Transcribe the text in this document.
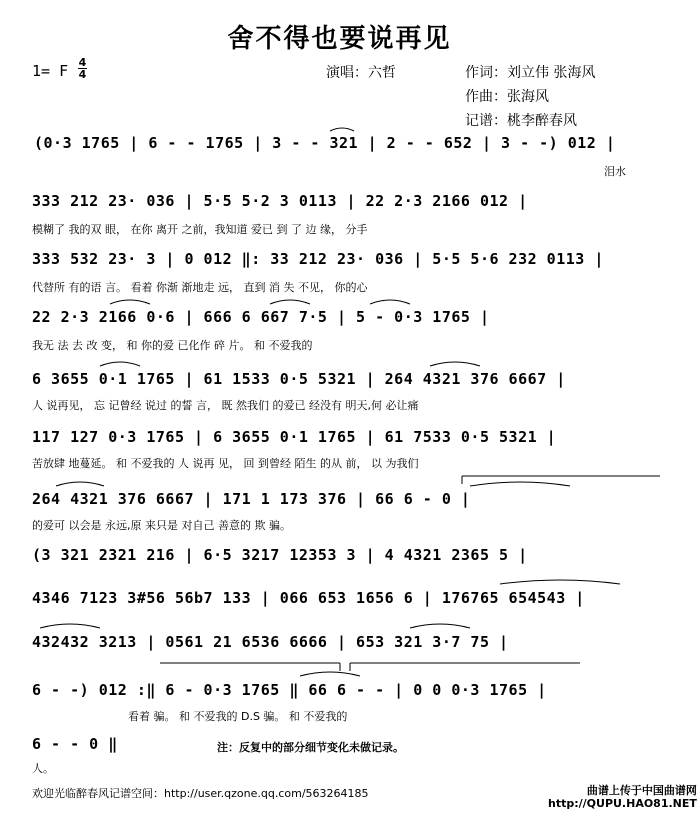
舍不得也要说再见
1= F 4
4	演唱：六哲	作词：刘立伟 张海风
作曲：张海风
记谱：桃李醉春风
(0·3 1765 | 6 - - 1765 | 3 - - 321 | 2 - - 652 | 3 - -) 012 |
泪水
333 212 23· 036 | 5·5 5·2 3 0113 | 22 2·3 2166 012 |
模糊了 我的双 眼， 在你 离开 之前，我知道 爱已 到 了 边 缘， 分手
333 532 23· 3 | 0 012 ‖: 33 212 23· 036 | 5·5 5·6 232 0113 |
代替所 有的语 言。 看着 你渐 渐地走 远， 直到 消 失 不见， 你的心
22 2·3 2166 0·6 | 666 6 667 7·5 | 5 - 0·3 1765 |
我无 法 去 改 变， 和 你的爱 已化作 碎 片。 和 不爱我的
6 3655 0·1 1765 | 61 1533 0·5 5321 | 264 4321 376 6667 |
人 说再见， 忘 记曾经 说过 的誓 言， 既 然我们 的爱已 经没有 明天,何 必让痛
117 127 0·3 1765 | 6 3655 0·1 1765 | 61 7533 0·5 5321 |
苦放肆 地蔓延。 和 不爱我的 人 说再 见， 回 到曾经 陌生 的从 前， 以 为我们
264 4321 376 6667 | 171 1 173 376 | 66 6 - 0 |
的爱可 以会是 永远,原 来只是 对自己 善意的 欺 骗。
(3 321 2321 216 | 6·5 3217 12353 3 | 4 4321 2365 5 |
4346 7123 3#56 56b7 133 | 066 653 1656 6 | 176765 654543 |
432432 3213 | 0561 21 6536 6666 | 653 321 3·7 75 |
6 - -) 012 :‖ 6 - 0·3 1765 ‖ 66 6 - - | 0 0 0·3 1765 |
看着 骗。 和 不爱我的 D.S 骗。 和 不爱我的
6 - - 0 ‖
人。
注：反复中的部分细节变化未做记录。
欢迎光临醉春风记谱空间：http://user.qzone.qq.com/563264185	曲谱上传于中国曲谱网
http://QUPU.HAO81.NET
